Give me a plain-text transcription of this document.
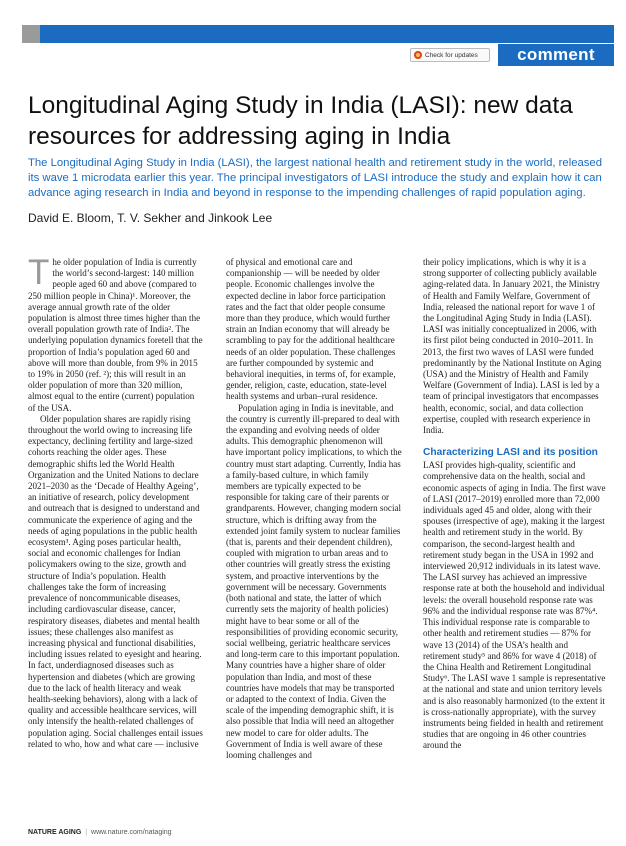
Check for updates	comment
Longitudinal Aging Study in India (LASI): new data resources for addressing aging in India

The Longitudinal Aging Study in India (LASI), the largest national health and retirement study in the world, released its wave 1 microdata earlier this year. The principal investigators of LASI introduce the study and explain how it can advance aging research in India and beyond in response to the impending challenges of rapid population aging.

David E. Bloom, T. V. Sekher and Jinkook Lee

The older population of India is currently the world’s second-largest: 140 million people aged 60 and above (compared to 250 million people in China)¹. Moreover, the average annual growth rate of the older population is almost three times higher than the overall population growth rate of India². The underlying population dynamics foretell that the proportion of India’s population aged 60 and above will more than double, from 9% in 2015 to 19% in 2050 (ref. ²); this will result in an older population of more than 320 million, almost equal to the entire (current) population of the USA.

Older population shares are rapidly rising throughout the world owing to increasing life expectancy, declining fertility and large-sized cohorts reaching the older ages. These demographic shifts led the World Health Organization and the United Nations to declare 2021–2030 as the ‘Decade of Healthy Ageing’, an initiative of research, policy development and outreach that is designed to understand and communicate the experience of aging and the needs of aging populations in the public health ecosystem³. Aging poses particular health, social and economic challenges for Indian policymakers owing to the size, growth and structure of India’s population. Health challenges take the form of increasing prevalence of noncommunicable diseases, including cardiovascular disease, cancer, respiratory diseases, diabetes and mental health issues; these challenges also manifest as increasing physical and functional disabilities, including issues related to eyesight and hearing. In fact, underdiagnosed diseases such as hypertension and diabetes (which are growing due to the lack of health literacy and weak health-seeking behaviors), along with a lack of quality and accessible healthcare services, will only intensify the health-related challenges of population aging. Social challenges entail issues related to who, how and what care — inclusive

of physical and emotional care and companionship — will be needed by older people. Economic challenges involve the expected decline in labor force participation rates and the fact that older people consume more than they produce, which would further strain an Indian economy that will already be scrambling to pay for the additional healthcare needs of an older population. These challenges are further compounded by systemic and behavioral inequities, in terms of, for example, gender, religion, caste, education, state-level health systems and urban–rural residence.

Population aging in India is inevitable, and the country is currently ill-prepared to deal with the expanding and evolving needs of older adults. This demographic phenomenon will have important policy implications, to which the country must start adapting. Currently, India has a family-based culture, in which family members are typically expected to be responsible for taking care of their parents or grandparents. However, changing modern social structure, which is drifting away from the extended joint family system to nuclear families (that is, parents and their dependent children), coupled with migration to urban areas and to other countries will greatly stress the existing system, and proactive interventions by the government will be necessary. Governments (both national and state, the latter of which currently sets the majority of health policies) might have to bear some or all of the responsibilities of providing economic security, social wellbeing, geriatric healthcare services and long-term care to this important population. Many countries have a higher share of older population than India, and most of these countries have models that may be transported or adapted to the context of India. Given the scale of the impending demographic shift, it is also possible that India will need an altogether new model to care for older adults. The Government of India is well aware of these looming challenges and

their policy implications, which is why it is a strong supporter of collecting publicly available aging-related data. In January 2021, the Ministry of Health and Family Welfare, Government of India, released the national report for wave 1 of the Longitudinal Aging Study in India (LASI). LASI was initially conceptualized in 2006, with its first pilot being conducted in 2010–2011. In 2013, the first two waves of LASI were funded predominantly by the National Institute on Aging (USA) and the Ministry of Health and Family Welfare (Government of India). LASI is led by a team of principal investigators that encompasses health, economic, social, and data collection expertise, coupled with research experience in India.

Characterizing LASI and its position

LASI provides high-quality, scientific and comprehensive data on the health, social and economic aspects of aging in India. The first wave of LASI (2017–2019) enrolled more than 72,000 individuals aged 45 and older, along with their spouses (irrespective of age), making it the largest health and retirement study in the world. By comparison, the second-largest health and retirement study began in the USA in 1992 and interviewed 20,912 individuals in its latest wave. The LASI survey has achieved an impressive response rate at both the household and individual levels: the overall household response rate was 96% and the individual response rate was 87%⁴. This individual response rate is comparable to other health and retirement studies — 87% for wave 13 (2014) of the USA’s health and retirement study⁵ and 86% for wave 4 (2018) of the China Health and Retirement Longitudinal Study⁶. The LASI wave 1 sample is representative at the national and state and union territory levels and is also reasonably harmonized (to the extent it is cross-nationally appropriate), with the survey instruments being fielded in health and retirement studies that are ongoing in 46 other countries around the

NATURE AGING | www.nature.com/nataging
